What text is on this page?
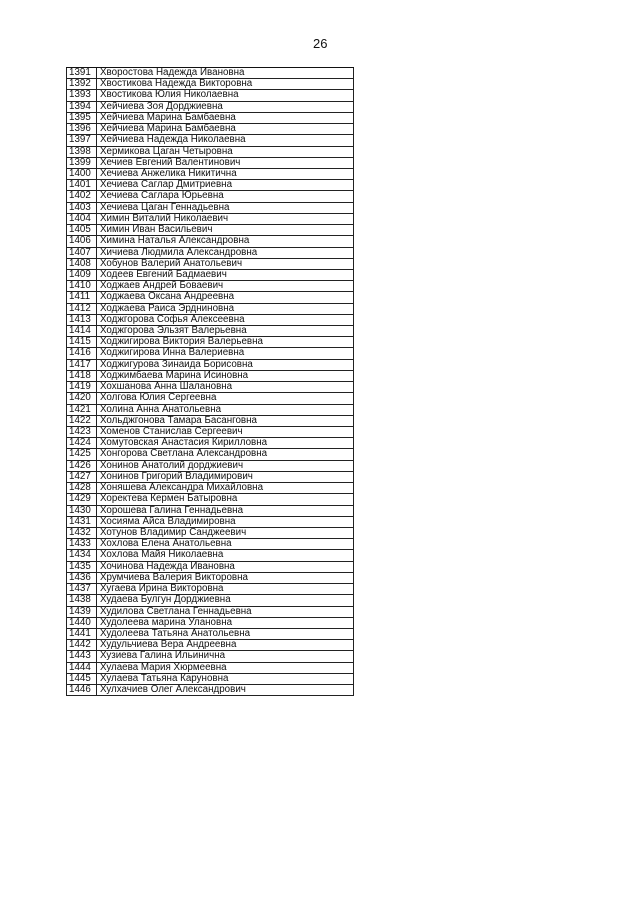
26
1391 Хворостова Надежда Ивановна
1392 Хвостикова Надежда Викторовна
1393 Хвостикова Юлия Николаевна
1394 Хейчиева Зоя Дорджиевна
1395 Хейчиева Марина Бамбаевна
1396 Хейчиева Марина Бамбаевна
1397 Хейчиева Надежда Николаевна
1398 Хермикова Цаган Четыровна
1399 Хечиев Евгений Валентинович
1400 Хечиева Анжелика Никитична
1401 Хечиева Саглар Дмитриевна
1402 Хечиева Саглара Юрьевна
1403 Хечиева Цаган Геннадьевна
1404 Химин Виталий Николаевич
1405 Химин Иван Васильевич
1406 Химина Наталья Александровна
1407 Хичиева Людмила Александровна
1408 Хобунов Валерий Анатольевич
1409 Ходеев Евгений Бадмаевич
1410 Ходжаев Андрей Боваевич
1411	Ходжаева Оксана Андреевна
1412 Ходжаева Раиса Эрдниновна
1413 Ходжгорова Софья Алексеевна
1414 Ходжгорова Эльзят Валерьевна
1415 Ходжигирова Виктория Валерьевна
1416 Ходжигирова Инна Валериевна
1417 Ходжигурова Зинаида Борисовна
1418 Ходжимбаева Марина Исиновна
1419 Хохшанова Анна Шалановна
1420 Холгова Юлия Сергеевна
1421 Холина Анна Анатольевна
1422 Хольджгонова Тамара Басанговна
1423 Хоменов Станислав Сергеевич
1424 Хомутовская Анастасия Кирилловна
1425 Хонгорова Светлана Александровна
1426 Хонинов Анатолий дорджиевич
1427 Хонинов Григорий Владимирович
1428 Хоняшева Александра Михайловна
1429 Хоректева Кермен Батыровна
1430 Хорошева Галина Геннадьевна
1431 Хосияма Айса Владимировна
1432 Хотунов Владимир Санджеевич
1433 Хохлова Елена Анатольевна
1434 Хохлова Майя Николаевна
1435 Хочинова Надежда Ивановна
1436 Хрумчиева Валерия Викторовна
1437 Хугаева Ирина Викторовна
1438 Худаева Булгун Дорджиевна
1439 Худилова Светлана Геннадьевна
1440 Худолеева марина Улановна
1441 Худолеева Татьяна Анатольевна
1442 Худульчиева Вера Андреевна
1443 Хузиева Галина Ильинична
1444 Хулаева Мария Хюрмеевна
1445 Хулаева Татьяна Каруновна
1446 Хулхачиев Олег Александрович
